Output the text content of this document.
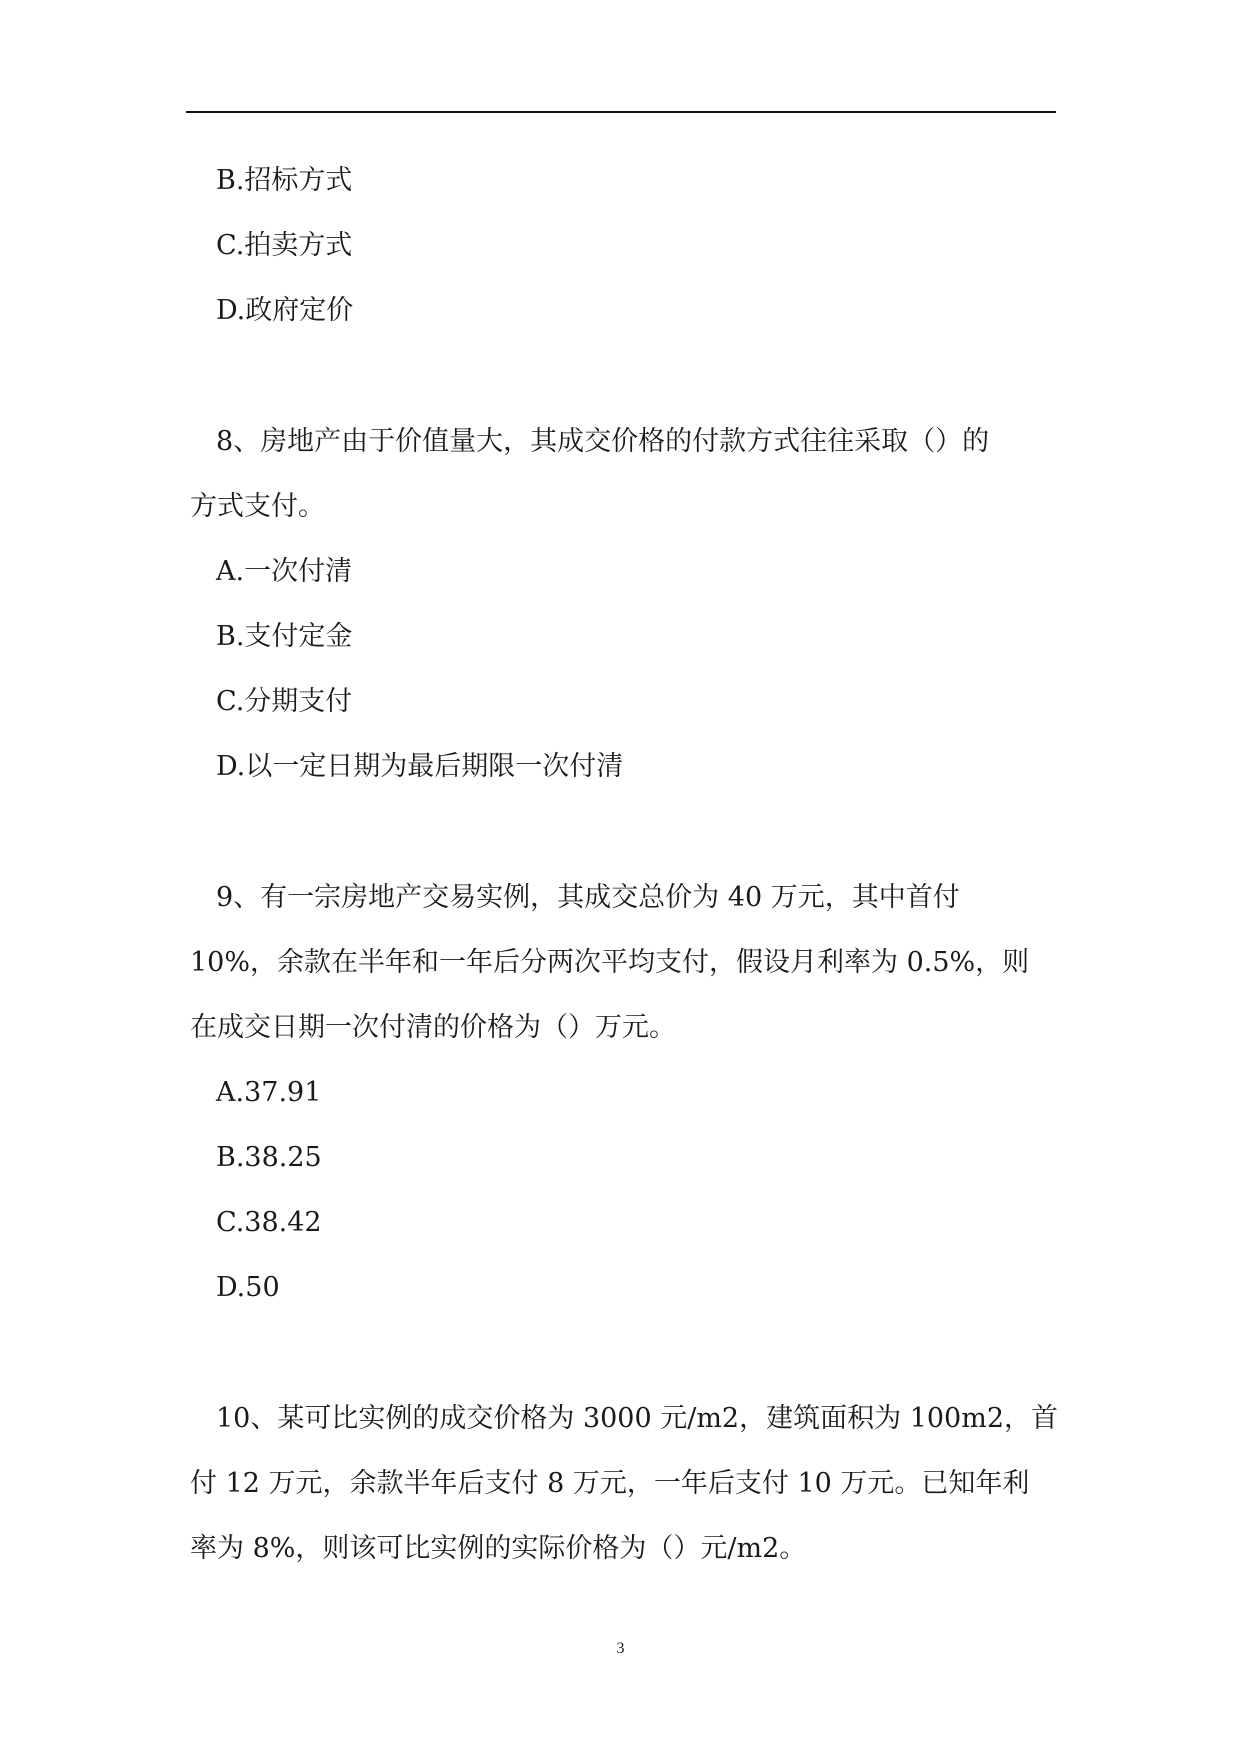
B.招标方式
C.拍卖方式
D.政府定价
8、房地产由于价值量大，其成交价格的付款方式往往采取（）的
方式支付。
A.一次付清
B.支付定金
C.分期支付
D.以一定日期为最后期限一次付清
9、有一宗房地产交易实例，其成交总价为 40 万元，其中首付
10%，余款在半年和一年后分两次平均支付，假设月利率为 0.5%，则
在成交日期一次付清的价格为（）万元。
A.37.91
B.38.25
C.38.42
D.50
10、某可比实例的成交价格为 3000 元/m2，建筑面积为 100m2，首
付 12 万元，余款半年后支付 8 万元，一年后支付 10 万元。已知年利
率为 8%，则该可比实例的实际价格为（）元/m2。
3
